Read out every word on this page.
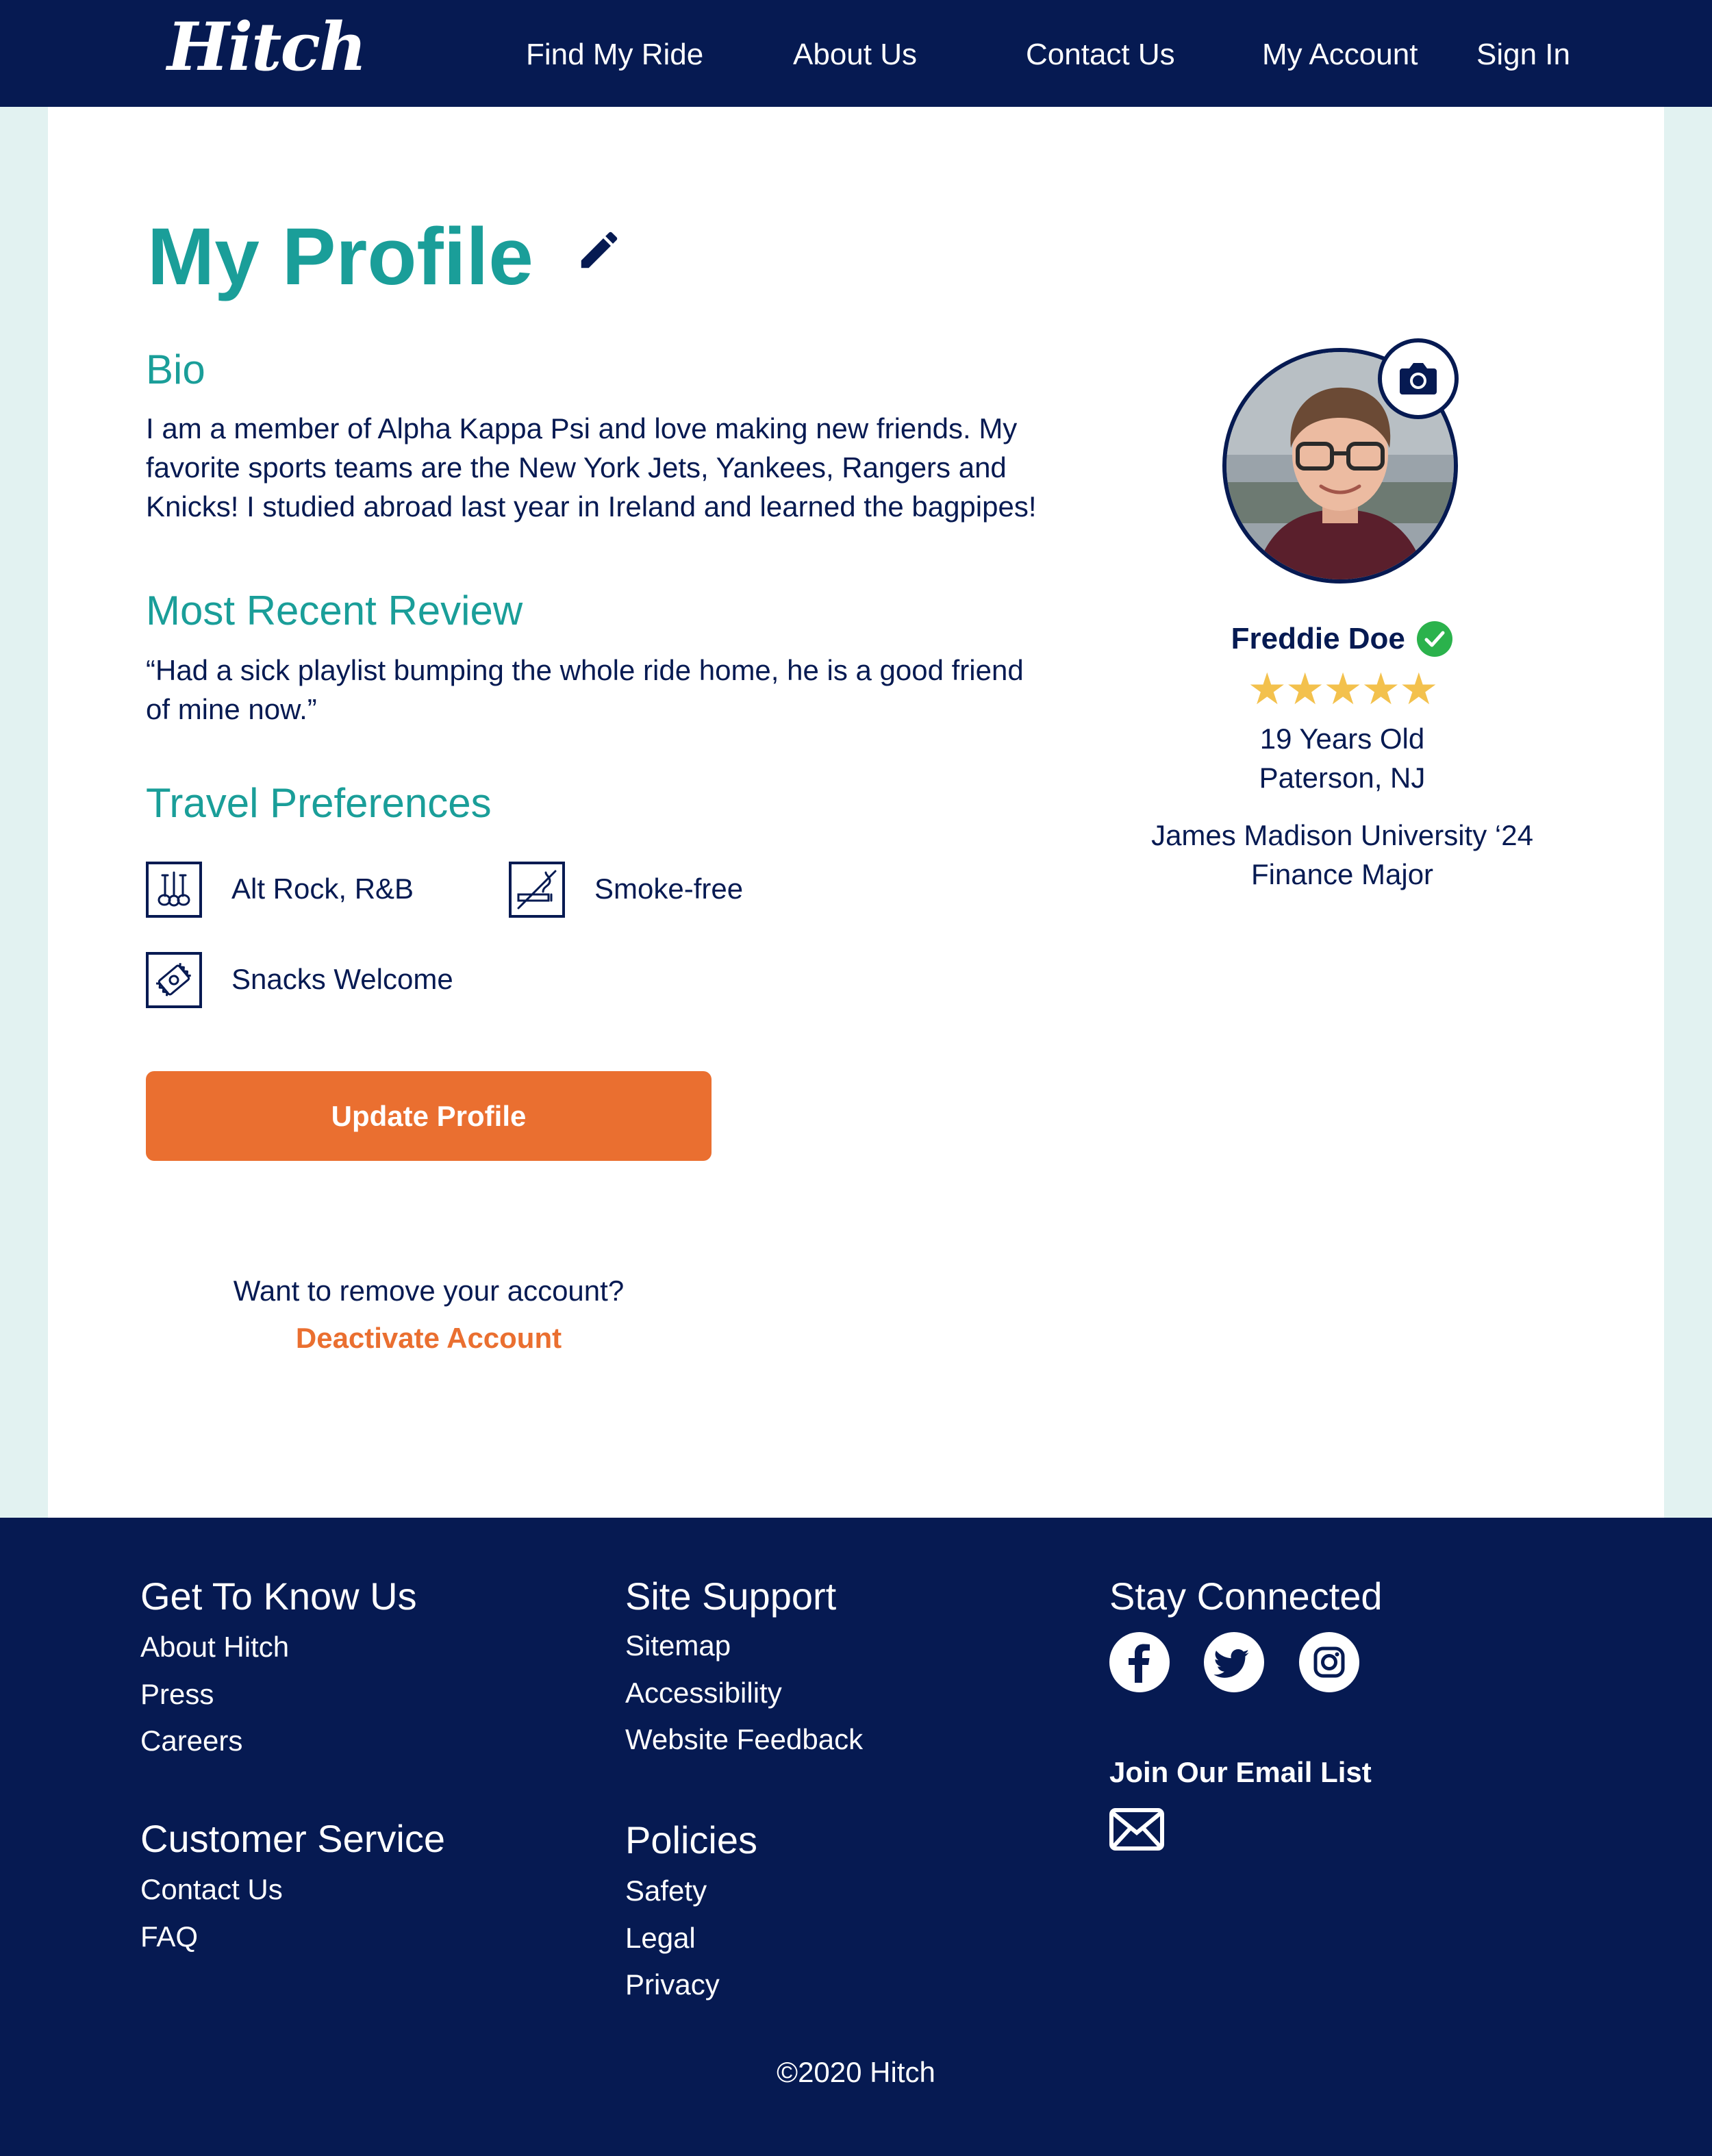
Hitch	Find My Ride	About Us	Contact Us	My Account Sign In
My Profile
Bio
I am a member of Alpha Kappa Psi and love making new friends. My
favorite sports teams are the New York Jets, Yankees, Rangers and
Knicks! I studied abroad last year in Ireland and learned the bagpipes!
Most Recent Review
“Had a sick playlist bumping the whole ride home, he is a good friend
of mine now.”
Travel Preferences
Alt Rock, R&B	Smoke-free
Snacks Welcome
Update Profile
Want to remove your account?
Deactivate Account
Freddie Doe
★★★★★
19 Years Old
Paterson, NJ
James Madison University ‘24
Finance Major
Get To Know Us
About Hitch
Press
Careers
Customer Service
Contact Us
FAQ
Site Support
Sitemap
Accessibility
Website Feedback
Policies
Safety
Legal
Privacy
Stay Connected
Join Our Email List
©2020 Hitch
